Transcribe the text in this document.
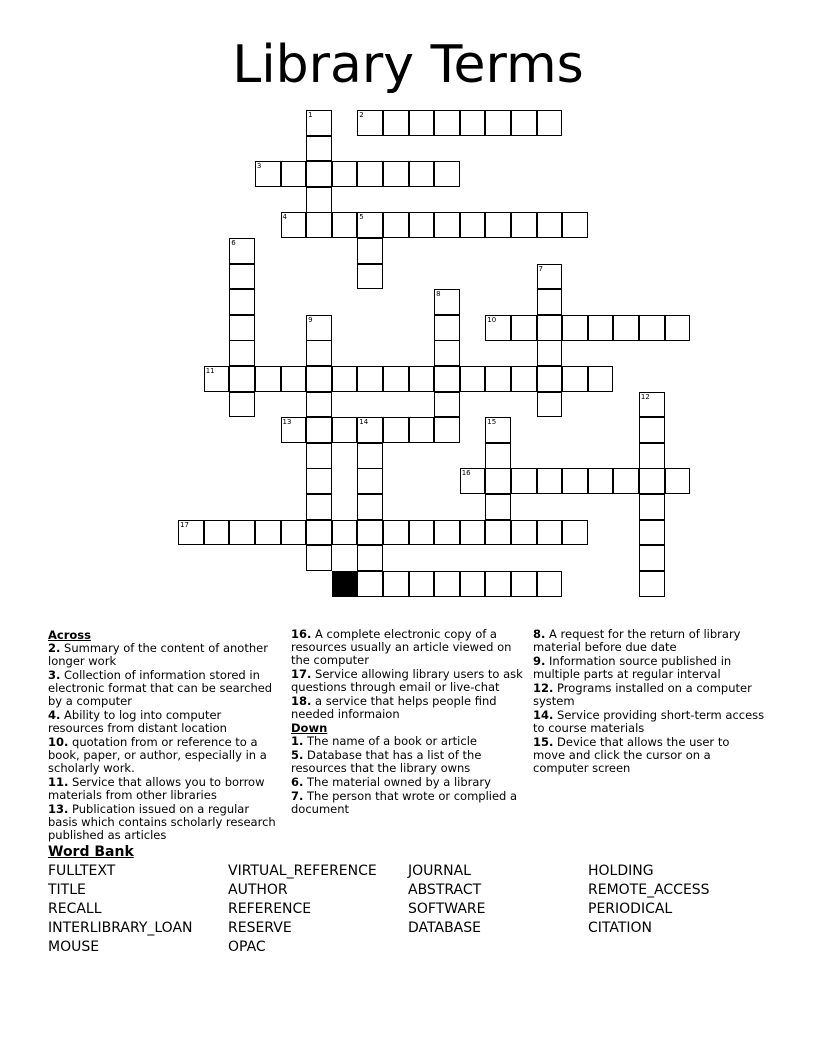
Library Terms
2
3
4	5
10
11
13	14
16
17
18
1
6
7
8
9
12
15
Across
2. Summary of the content of another longer work
3. Collection of information stored in electronic format that can be searched by a computer
4. Ability to log into computer resources from distant location
10. quotation from or reference to a book, paper, or author, especially in a scholarly work.
11. Service that allows you to borrow materials from other libraries
13. Publication issued on a regular basis which contains scholarly research published as articles
16. A complete electronic copy of a resources usually an article viewed on the computer
17. Service allowing library users to ask questions through email or live-chat
18. a service that helps people find needed informaion
Down
1. The name of a book or article
5. Database that has a list of the resources that the library owns
6. The material owned by a library
7. The person that wrote or complied a document
8. A request for the return of library material before due date
9. Information source published in multiple parts at regular interval
12. Programs installed on a computer system
14. Service providing short-term access to course materials
15. Device that allows the user to move and click the cursor on a computer screen
Word Bank
FULLTEXT
TITLE
RECALL
INTERLIBRARY_LOAN
MOUSE
VIRTUAL_REFERENCE
AUTHOR
REFERENCE
RESERVE
OPAC
JOURNAL
ABSTRACT
SOFTWARE
DATABASE
HOLDING
REMOTE_ACCESS
PERIODICAL
CITATION
